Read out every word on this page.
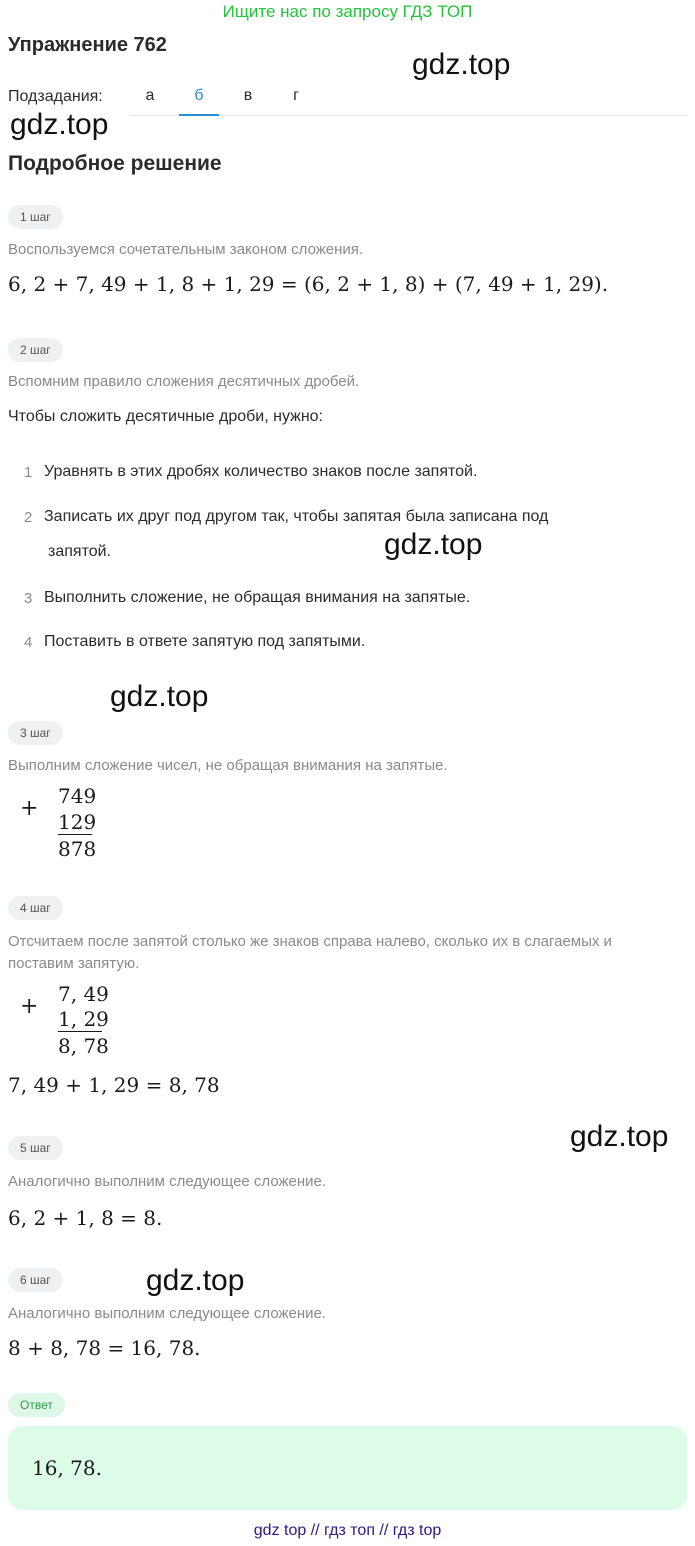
Ищите нас по запросу ГДЗ ТОП
Упражнение 762
gdz.top
Подзадания:	а	б	в	г
gdz.top
Подробное решение
1 шаг
Воспользуемся сочетательным законом сложения.
6, 2 + 7, 49 + 1, 8 + 1, 29 = (6, 2 + 1, 8) + (7, 49 + 1, 29).
2 шаг
Вспомним правило сложения десятичных дробей.
Чтобы сложить десятичные дроби, нужно:
1 Уравнять в этих дробях количество знаков после запятой.
2 Записать их друг под другом так, чтобы запятая была записана под
запятой.
3 Выполнить сложение, не обращая внимания на запятые.
4 Поставить в ответе запятую под запятыми.
gdz.top
gdz.top
3 шаг
Выполним сложение чисел, не обращая внимания на запятые.
+ 749
129
878
4 шаг
Отсчитаем после запятой столько же знаков справа налево, сколько их в слагаемых и
поставим запятую.
+ 7, 49
1, 29
8, 78
7, 49 + 1, 29 = 8, 78
gdz.top
5 шаг
Аналогично выполним следующее сложение.
6, 2 + 1, 8 = 8.
6 шаг	gdz.top
Аналогично выполним следующее сложение.
8 + 8, 78 = 16, 78.
Ответ
16, 78.
gdz top // гдз топ // гдз top
